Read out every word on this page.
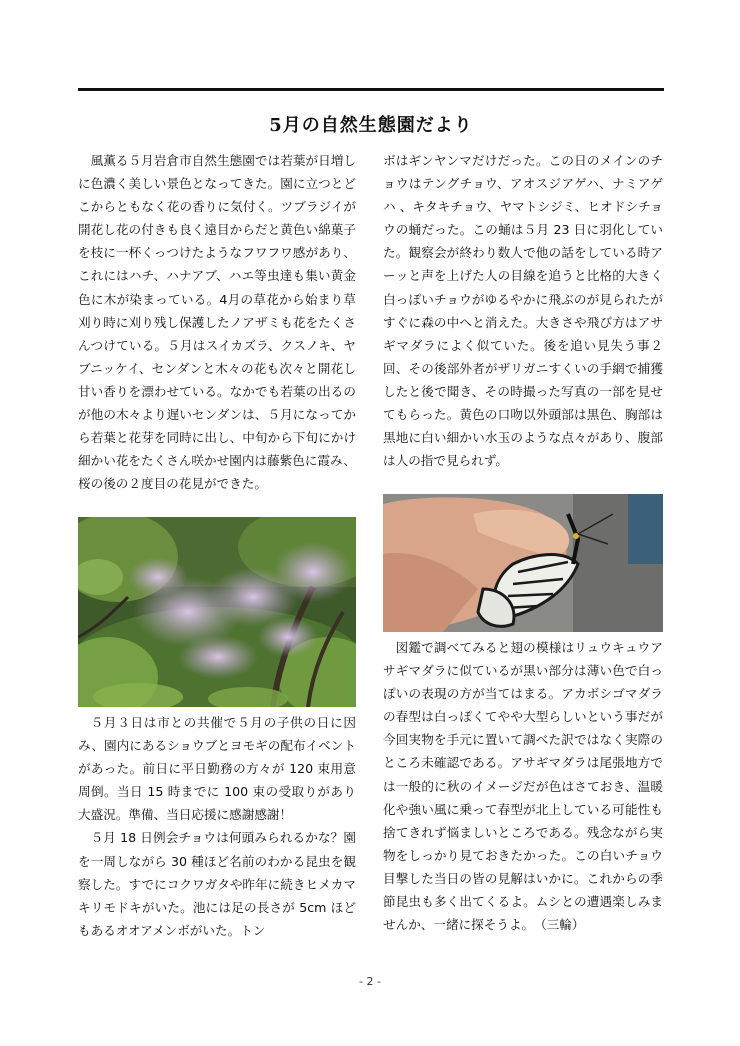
5月の自然生態園だより

風薫る５月岩倉市自然生態園では若葉が日増しに色濃く美しい景色となってきた。園に立つとどこからともなく花の香りに気付く。ツブラジイが開花し花の付きも良く遠目からだと黄色い綿菓子を枝に一杯くっつけたようなフワフワ感があり、これにはハチ、ハナアブ、ハエ等虫達も集い黄金色に木が染まっている。4月の草花から始まり草刈り時に刈り残し保護したノアザミも花をたくさんつけている。５月はスイカズラ、クスノキ、ヤブニッケイ、センダンと木々の花も次々と開花し甘い香りを漂わせている。なかでも若葉の出るのが他の木々より遅いセンダンは、５月になってから若葉と花芽を同時に出し、中旬から下旬にかけ細かい花をたくさん咲かせ園内は藤紫色に霞み、桜の後の２度目の花見ができた。

５月３日は市との共催で５月の子供の日に因み、園内にあるショウブとヨモギの配布イベントがあった。前日に平日勤務の方々が 120 束用意周倒。当日 15 時までに 100 束の受取りがあり大盛況。準備、当日応援に感謝感謝！

５月 18 日例会チョウは何頭みられるかな？園を一周しながら 30 種ほど名前のわかる昆虫を観察した。すでにコクワガタや昨年に続きヒメカマキリモドキがいた。池には足の長さが 5cm ほどもあるオオアメンボがいた。トン

ボはギンヤンマだけだった。この日のメインのチョウはテングチョウ、アオスジアゲハ、ナミアゲハ 、キタキチョウ、ヤマトシジミ、ヒオドシチョウの蛹だった。この蛹は５月 23 日に羽化していた。観察会が終わり数人で他の話をしている時アーッと声を上げた人の目線を追うと比格的大きく白っぽいチョウがゆるやかに飛ぶのが見られたがすぐに森の中へと消えた。大きさや飛び方はアサギマダラによく似ていた。後を追い見失う事２回、その後部外者がザリガニすくいの手網で捕獲したと後で聞き、その時撮った写真の一部を見せてもらった。黄色の口吻以外頭部は黒色、胸部は黒地に白い細かい水玉のような点々があり、腹部は人の指で見られず。

図鑑で調べてみると翅の模様はリュウキュウアサギマダラに似ているが黒い部分は薄い色で白っぽいの表現の方が当てはまる。アカボシゴマダラの春型は白っぽくてやや大型らしいという事だが今回実物を手元に置いて調べた訳ではなく実際のところ未確認である。アサギマダラは尾張地方では一般的に秋のイメージだが色はさておき、温暖化や強い風に乗って春型が北上している可能性も捨てきれず悩ましいところである。残念ながら実物をしっかり見ておきたかった。この白いチョウ目撃した当日の皆の見解はいかに。これからの季節昆虫も多く出てくるよ。ムシとの遭遇楽しみませんか、一緒に探そうよ。　（三輪）

- 2 -
